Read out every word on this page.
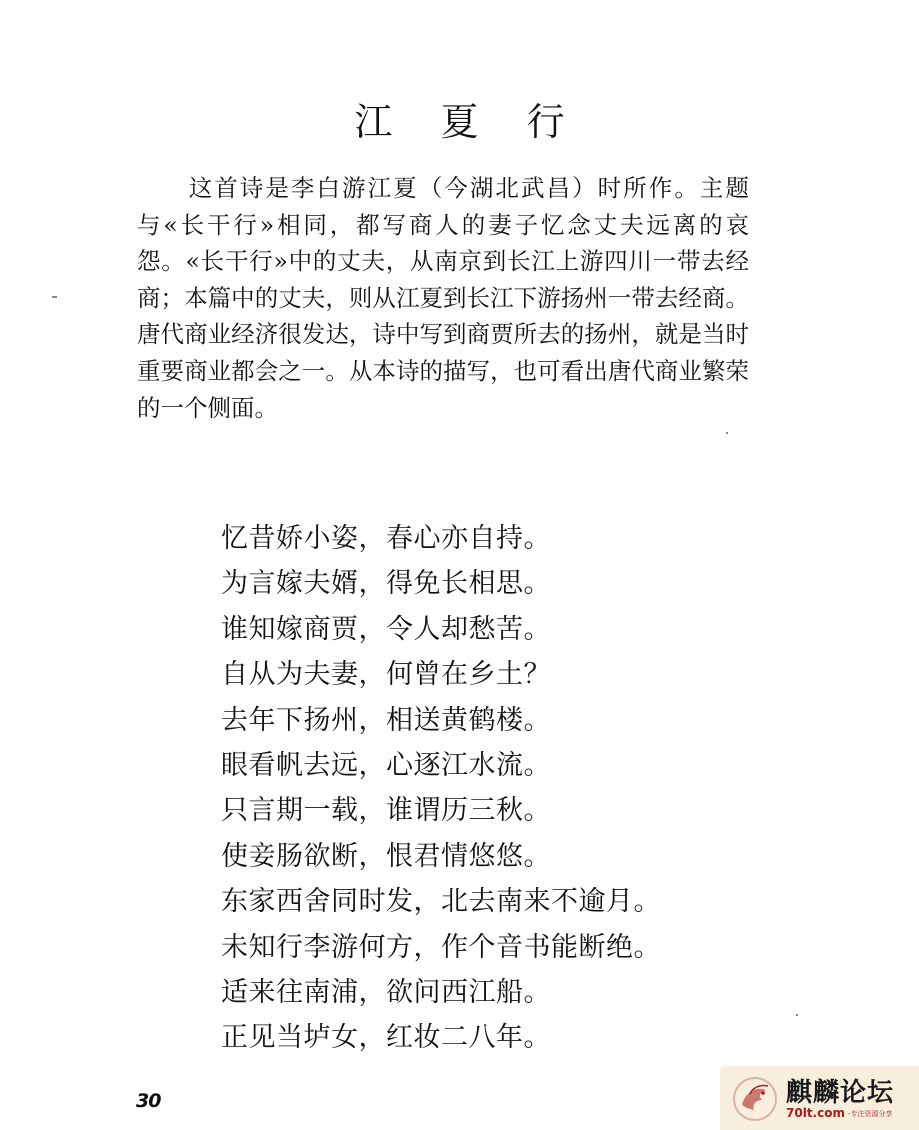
江 夏 行

这首诗是李白游江夏（今湖北武昌）时所作。主题与«长干行»相同，都写商人的妻子忆念丈夫远离的哀怨。«长干行»中的丈夫，从南京到长江上游四川一带去经商；本篇中的丈夫，则从江夏到长江下游扬州一带去经商。唐代商业经济很发达，诗中写到商贾所去的扬州，就是当时重要商业都会之一。从本诗的描写，也可看出唐代商业繁荣的一个侧面。

忆昔娇小姿，春心亦自持。
为言嫁夫婿，得免长相思。
谁知嫁商贾，令人却愁苦。
自从为夫妻，何曾在乡土？
去年下扬州，相送黄鹤楼。
眼看帆去远，心逐江水流。
只言期一载，谁谓历三秋。
使妾肠欲断，恨君情悠悠。
东家西舍同时发，北去南来不逾月。
未知行李游何方，作个音书能断绝。
适来往南浦，欲问西江船。
正见当垆女，红妆二八年。
30	麒麟论坛
70lt.com -专注资源分享
